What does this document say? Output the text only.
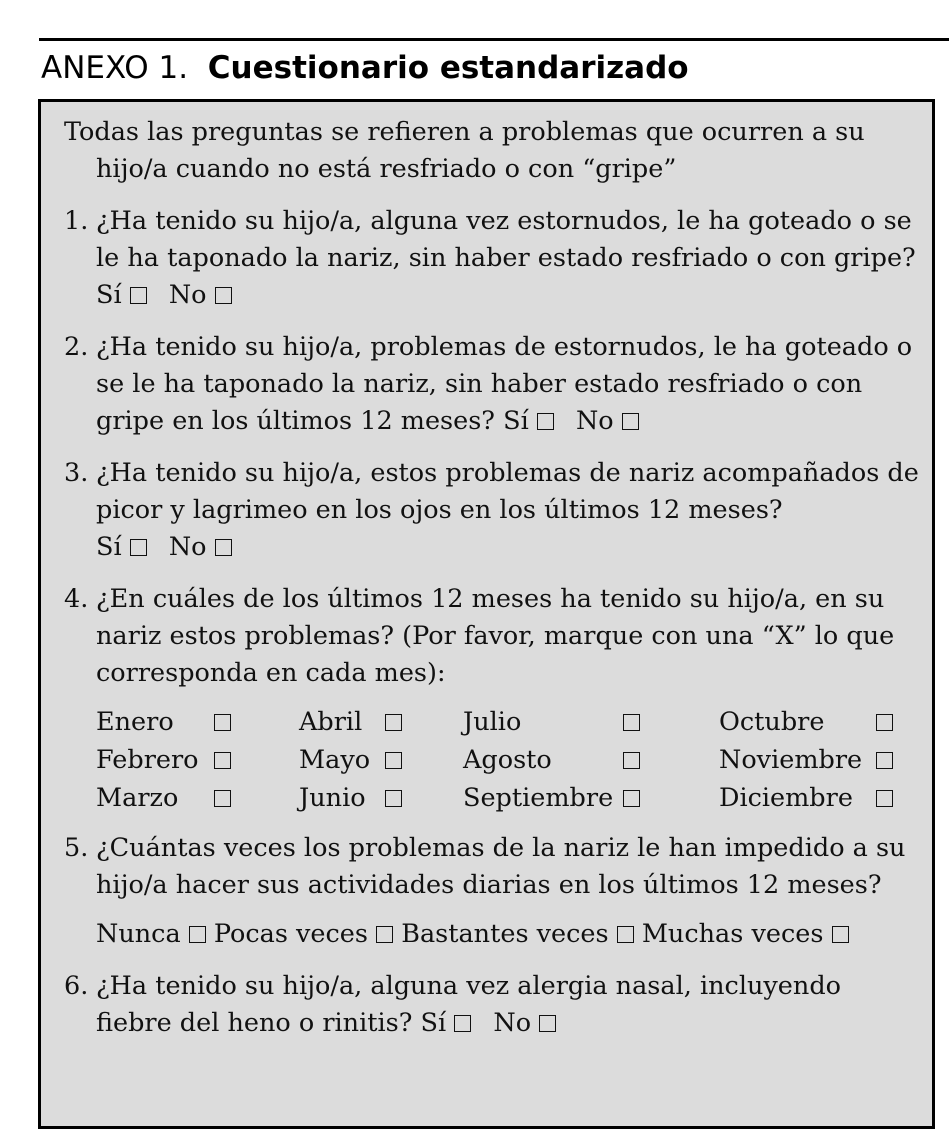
ANEXO 1. Cuestionario estandarizado

Todas las preguntas se refieren a problemas que ocurren a su hijo/a cuando no está resfriado o con “gripe”

1. ¿Ha tenido su hijo/a, alguna vez estornudos, le ha goteado o se le ha taponado la nariz, sin haber estado resfriado o con gripe? Sí No
2. ¿Ha tenido su hijo/a, problemas de estornudos, le ha goteado o se le ha taponado la nariz, sin haber estado resfriado o con gripe en los últimos 12 meses? Sí No
3. ¿Ha tenido su hijo/a, estos problemas de nariz acompañados de picor y lagrimeo en los ojos en los últimos 12 meses? Sí No
4. ¿En cuáles de los últimos 12 meses ha tenido su hijo/a, en su nariz estos problemas? (Por favor, marque con una “X” lo que corresponda en cada mes):
Enero
Febrero
Marzo
Abril
Mayo
Junio
Julio
Agosto
Septiembre
Octubre
Noviembre
Diciembre
5. ¿Cuántas veces los problemas de la nariz le han impedido a su hijo/a hacer sus actividades diarias en los últimos 12 meses?
Nunca Pocas veces Bastantes veces Muchas veces
6. ¿Ha tenido su hijo/a, alguna vez alergia nasal, incluyendo fiebre del heno o rinitis? Sí No
